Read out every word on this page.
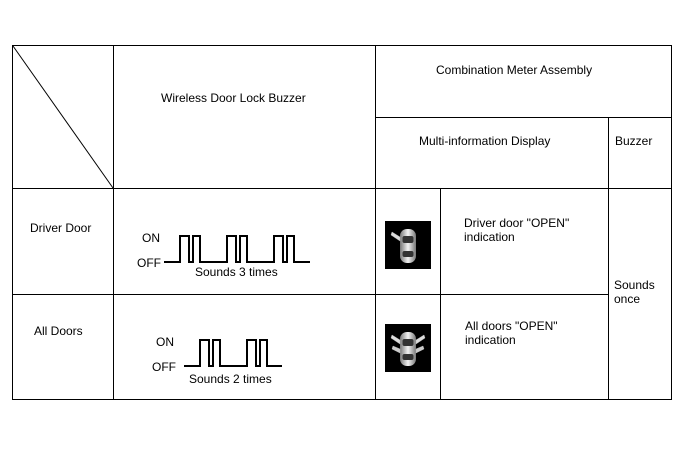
Wireless Door Lock Buzzer
Combination Meter Assembly
Multi-information Display	Buzzer
Driver Door
ON
OFF
Sounds 3 times
Driver door "OPEN"
indication
All Doors
ON
OFF
Sounds 2 times
All doors "OPEN"
indication
Sounds
once
